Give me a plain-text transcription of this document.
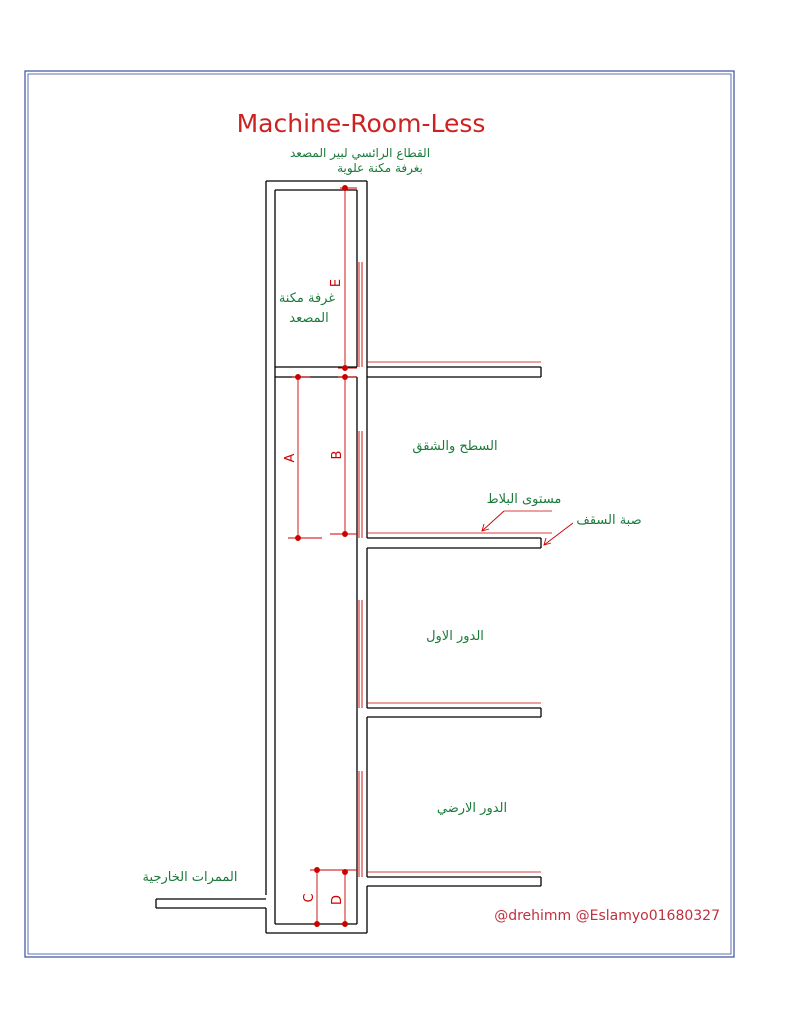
Machine-Room-Less
القطاع الرائسي لبير المصعد
بغرفة مكنة علوية
E
B
A
C D
غرفة مكنة
المصعد
السطح والشقق
مستوى البلاط
صبة السقف
الدور الاول
الدور الارضي
الممرات الخارجية
@drehimm @Eslamyo01680327
